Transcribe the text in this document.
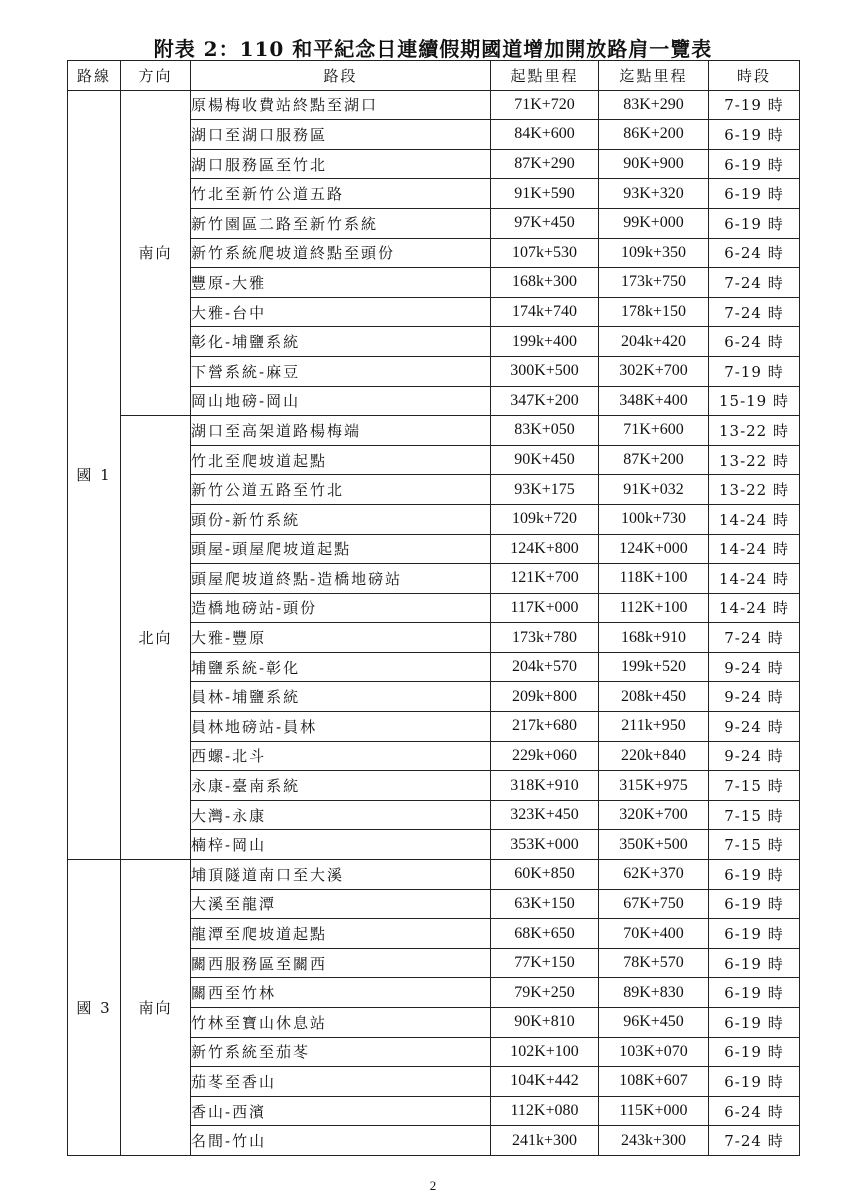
附表 2：110 和平紀念日連續假期國道增加開放路肩一覽表
路線	方向	路段	起點里程	迄點里程	時段
國 1	南向	原楊梅收費站終點至湖口	71K+720	83K+290	7-19 時
		湖口至湖口服務區	84K+600	86K+200	6-19 時
		湖口服務區至竹北	87K+290	90K+900	6-19 時
		竹北至新竹公道五路	91K+590	93K+320	6-19 時
		新竹園區二路至新竹系統	97K+450	99K+000	6-19 時
		新竹系統爬坡道終點至頭份	107k+530	109k+350	6-24 時
		豐原-大雅	168k+300	173k+750	7-24 時
		大雅-台中	174k+740	178k+150	7-24 時
		彰化-埔鹽系統	199k+400	204k+420	6-24 時
		下營系統-麻豆	300K+500	302K+700	7-19 時
		岡山地磅-岡山	347K+200	348K+400	15-19 時
	北向	湖口至高架道路楊梅端	83K+050	71K+600	13-22 時
		竹北至爬坡道起點	90K+450	87K+200	13-22 時
		新竹公道五路至竹北	93K+175	91K+032	13-22 時
		頭份-新竹系統	109k+720	100k+730	14-24 時
		頭屋-頭屋爬坡道起點	124K+800	124K+000	14-24 時
		頭屋爬坡道終點-造橋地磅站	121K+700	118K+100	14-24 時
		造橋地磅站-頭份	117K+000	112K+100	14-24 時
		大雅-豐原	173k+780	168k+910	7-24 時
		埔鹽系統-彰化	204k+570	199k+520	9-24 時
		員林-埔鹽系統	209k+800	208k+450	9-24 時
		員林地磅站-員林	217k+680	211k+950	9-24 時
		西螺-北斗	229k+060	220k+840	9-24 時
		永康-臺南系統	318K+910	315K+975	7-15 時
		大灣-永康	323K+450	320K+700	7-15 時
		楠梓-岡山	353K+000	350K+500	7-15 時
國 3	南向	埔頂隧道南口至大溪	60K+850	62K+370	6-19 時
		大溪至龍潭	63K+150	67K+750	6-19 時
		龍潭至爬坡道起點	68K+650	70K+400	6-19 時
		關西服務區至關西	77K+150	78K+570	6-19 時
		關西至竹林	79K+250	89K+830	6-19 時
		竹林至寶山休息站	90K+810	96K+450	6-19 時
		新竹系統至茄苳	102K+100	103K+070	6-19 時
		茄苳至香山	104K+442	108K+607	6-19 時
		香山-西濱	112K+080	115K+000	6-24 時
		名間-竹山	241k+300	243k+300	7-24 時
2
